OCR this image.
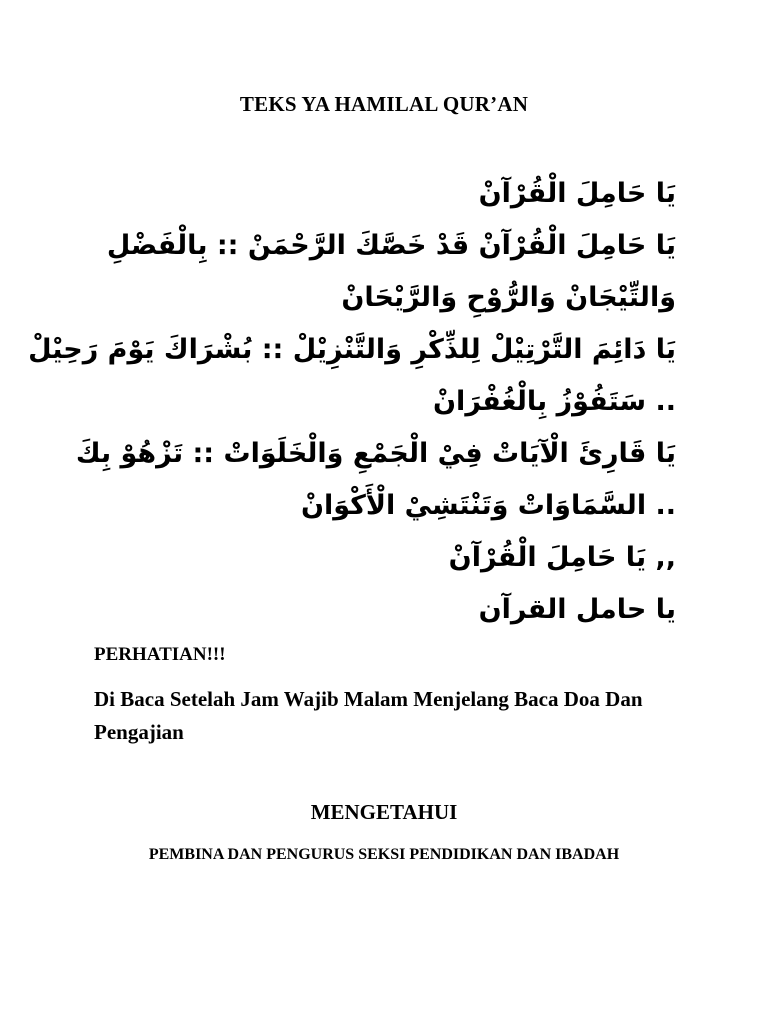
TEKS YA HAMILAL QUR’AN
يَا حَامِلَ الْقُرْآنْ
يَا حَامِلَ الْقُرْآنْ قَدْ خَصَّكَ الرَّحْمَنْ :: بِالْفَضْلِ
وَالتِّيْجَانْ وَالرُّوْحِ وَالرَّيْحَانْ
يَا دَائِمَ التَّرْتِيْلْ لِلذِّكْرِ وَالتَّنْزِيْلْ :: بُشْرَاكَ يَوْمَ رَحِيْلْ
.. سَتَفُوْزُ بِالْغُفْرَانْ
يَا قَارِئَ الْآيَاتْ فِيْ الْجَمْعِ وَالْخَلَوَاتْ :: تَزْهُوْ بِكَ
.. السَّمَاوَاتْ وَتَنْتَشِيْ الْأَكْوَانْ
,, يَا حَامِلَ الْقُرْآنْ
يا حامل القرآن
PERHATIAN!!!
Di Baca Setelah Jam Wajib Malam Menjelang Baca Doa Dan Pengajian
MENGETAHUI
PEMBINA DAN PENGURUS SEKSI PENDIDIKAN DAN IBADAH
